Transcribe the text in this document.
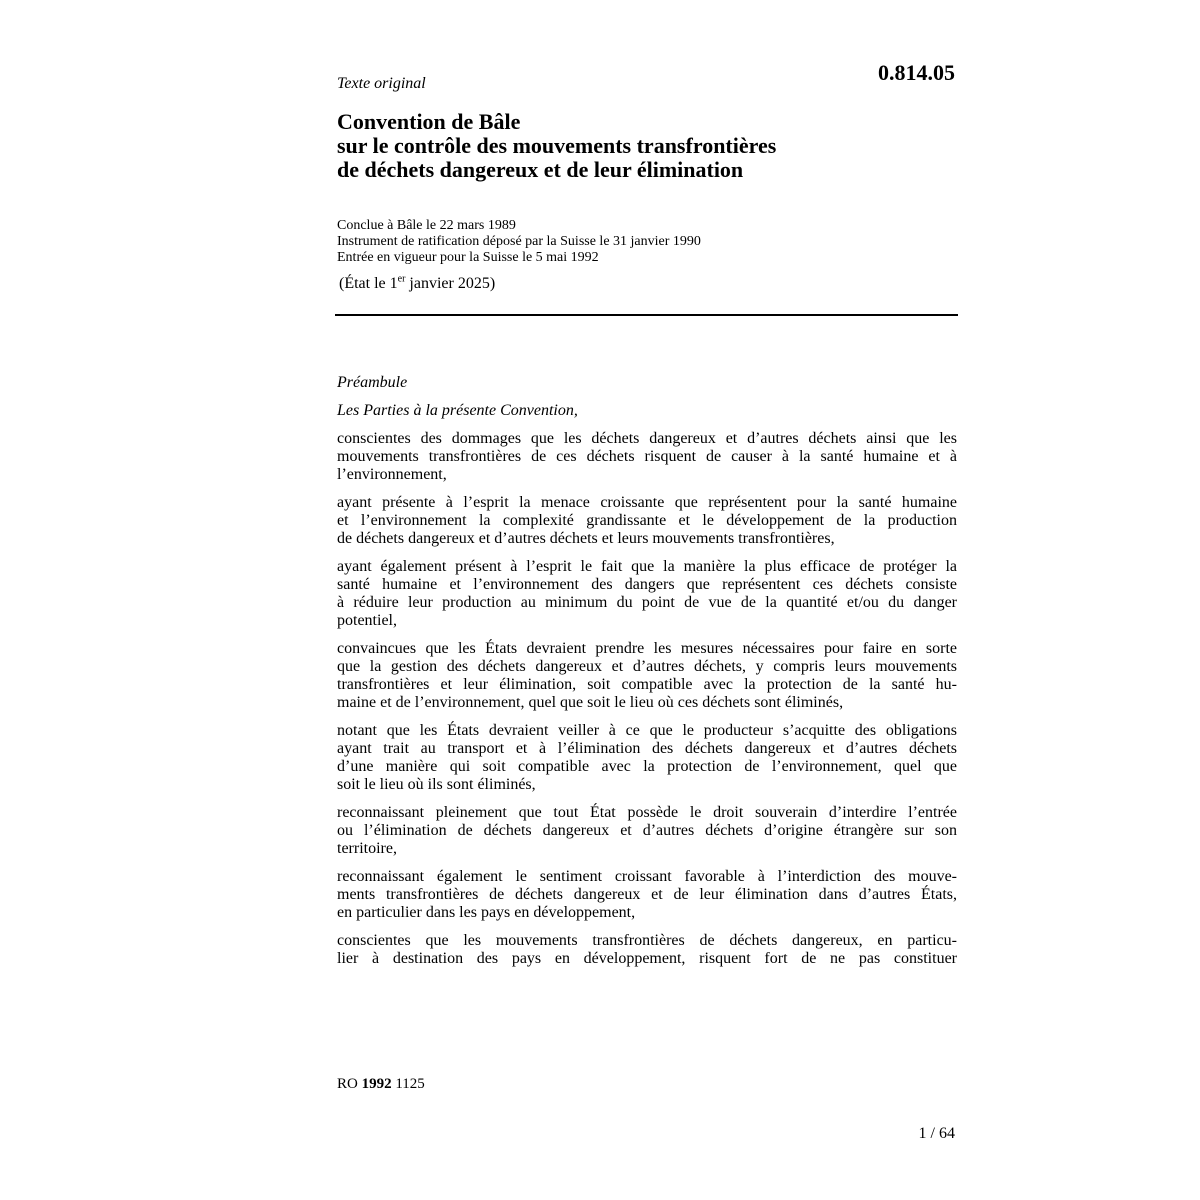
0.814.05
Texte original
Convention de Bâle
sur le contrôle des mouvements transfrontières
de déchets dangereux et de leur élimination
Conclue à Bâle le 22 mars 1989
Instrument de ratification déposé par la Suisse le 31 janvier 1990
Entrée en vigueur pour la Suisse le 5 mai 1992
(État le 1er janvier 2025)
Préambule
Les Parties à la présente Convention,

conscientes des dommages que les déchets dangereux et d’autres déchets ainsi que les
mouvements transfrontières de ces déchets risquent de causer à la santé humaine et à
l’environnement,

ayant présente à l’esprit la menace croissante que représentent pour la santé humaine
et l’environnement la complexité grandissante et le développement de la production
de déchets dangereux et d’autres déchets et leurs mouvements transfrontières,

ayant également présent à l’esprit le fait que la manière la plus efficace de protéger la
santé humaine et l’environnement des dangers que représentent ces déchets consiste
à réduire leur production au minimum du point de vue de la quantité et/ou du danger
potentiel,

convaincues que les États devraient prendre les mesures nécessaires pour faire en sorte
que la gestion des déchets dangereux et d’autres déchets, y compris leurs mouvements
transfrontières et leur élimination, soit compatible avec la protection de la santé hu-
maine et de l’environnement, quel que soit le lieu où ces déchets sont éliminés,

notant que les États devraient veiller à ce que le producteur s’acquitte des obligations
ayant trait au transport et à l’élimination des déchets dangereux et d’autres déchets
d’une manière qui soit compatible avec la protection de l’environnement, quel que
soit le lieu où ils sont éliminés,

reconnaissant pleinement que tout État possède le droit souverain d’interdire l’entrée
ou l’élimination de déchets dangereux et d’autres déchets d’origine étrangère sur son
territoire,

reconnaissant également le sentiment croissant favorable à l’interdiction des mouve-
ments transfrontières de déchets dangereux et de leur élimination dans d’autres États,
en particulier dans les pays en développement,

conscientes que les mouvements transfrontières de déchets dangereux, en particu-
lier à destination des pays en développement, risquent fort de ne pas constituer

RO 1992 1125
1 / 64
